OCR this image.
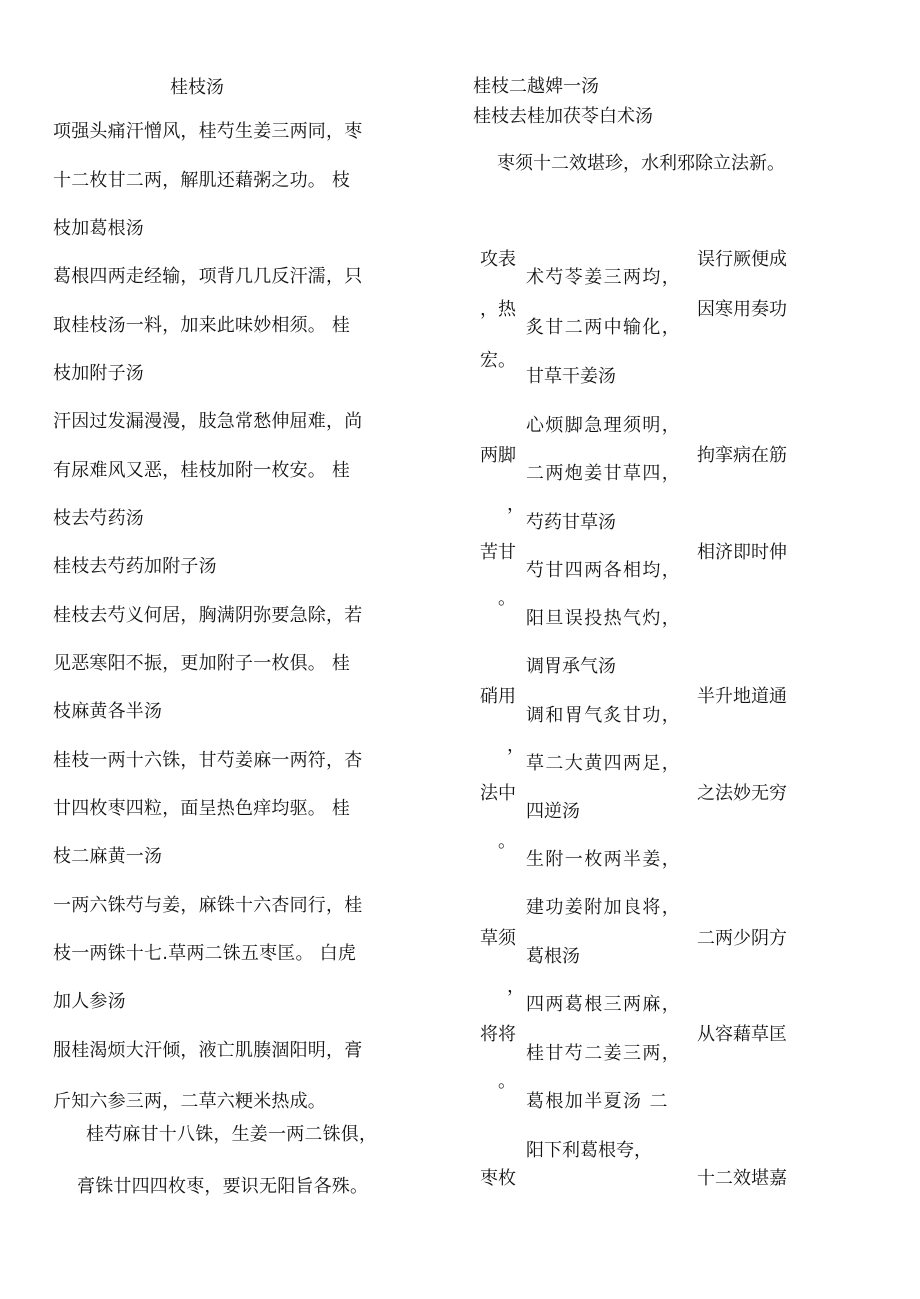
桂枝汤
项强头痛汗憎风，桂芍生姜三两同，枣
十二枚甘二两，解肌还藉粥之功。 枝
枝加葛根汤
葛根四两走经输，项背几几反汗濡，只
取桂枝汤一料，加来此味妙相须。 桂
枝加附子汤
汗因过发漏漫漫，肢急常愁伸屈难，尚
有尿难风又恶，桂枝加附一枚安。 桂
枝去芍药汤
桂枝去芍药加附子汤
桂枝去芍义何居，胸满阴弥要急除，若
见恶寒阳不振，更加附子一枚俱。 桂
枝麻黄各半汤
桂枝一两十六铢，甘芍姜麻一两符，杏
廿四枚枣四粒，面呈热色痒均驱。 桂
枝二麻黄一汤
一两六铢芍与姜，麻铢十六杏同行，桂
枝一两铢十七.草两二铢五枣匡。 白虎
加人参汤
服桂渴烦大汗倾，液亡肌腠涸阳明，膏
斤知六参三两，二草六粳米热成。
桂芍麻甘十八铢，生姜一两二铢俱，
膏铢廿四四枚枣，要识无阳旨各殊。
桂枝二越婢一汤
桂枝去桂加茯苓白术汤
枣须十二效堪珍，水利邪除立法新。
攻表
，热
宏。
两脚
，
苦甘
。
硝用
，
法中
。
草须
，
将将
。
枣枚
术芍苓姜三两均，
炙甘二两中输化，
甘草干姜汤
心烦脚急理须明，
二两炮姜甘草四，
芍药甘草汤
芍甘四两各相均，
阳旦误投热气灼，
调胃承气汤
调和胃气炙甘功，
草二大黄四两足，
四逆汤
生附一枚两半姜，
建功姜附加良将，
葛根汤
四两葛根三两麻，
桂甘芍二姜三两，
葛根加半夏汤 二
阳下利葛根夸，
误行厥便成
因寒用奏功
拘挛病在筋
相济即时伸
半升地道通
之法妙无穷
二两少阴方
从容藉草匡
十二效堪嘉
